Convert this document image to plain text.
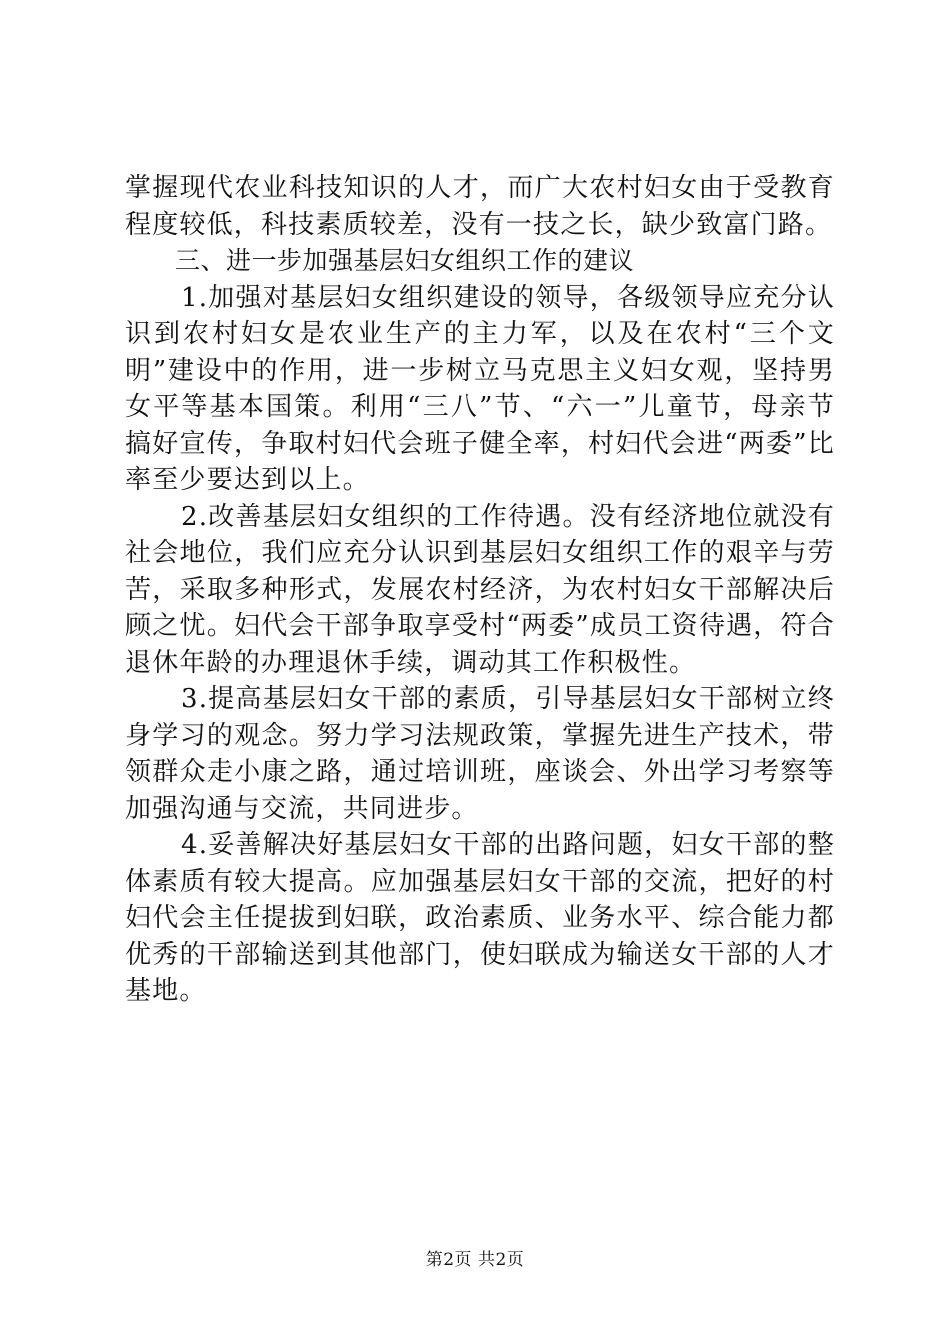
掌握现代农业科技知识的人才，而广大农村妇女由于受教育程度较低，科技素质较差，没有一技之长，缺少致富门路。

三、进一步加强基层妇女组织工作的建议

1.加强对基层妇女组织建设的领导，各级领导应充分认识到农村妇女是农业生产的主力军，以及在农村“三个文明”建设中的作用，进一步树立马克思主义妇女观，坚持男女平等基本国策。利用“三八”节、“六一”儿童节，母亲节搞好宣传，争取村妇代会班子健全率，村妇代会进“两委”比率至少要达到以上。

2.改善基层妇女组织的工作待遇。没有经济地位就没有社会地位，我们应充分认识到基层妇女组织工作的艰辛与劳苦，采取多种形式，发展农村经济，为农村妇女干部解决后顾之忧。妇代会干部争取享受村“两委”成员工资待遇，符合退休年龄的办理退休手续，调动其工作积极性。

3.提高基层妇女干部的素质，引导基层妇女干部树立终身学习的观念。努力学习法规政策，掌握先进生产技术，带领群众走小康之路，通过培训班，座谈会、外出学习考察等加强沟通与交流，共同进步。

4.妥善解决好基层妇女干部的出路问题，妇女干部的整体素质有较大提高。应加强基层妇女干部的交流，把好的村妇代会主任提拔到妇联，政治素质、业务水平、综合能力都优秀的干部输送到其他部门，使妇联成为输送女干部的人才基地。

第2页 共2页
